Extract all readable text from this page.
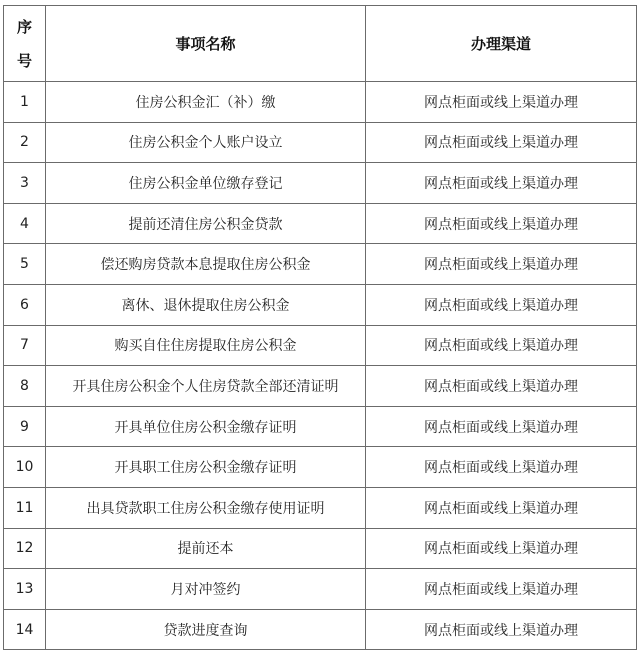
序
号	事项名称	办理渠道
1	住房公积金汇（补）缴	网点柜面或线上渠道办理
2	住房公积金个人账户设立	网点柜面或线上渠道办理
3	住房公积金单位缴存登记	网点柜面或线上渠道办理
4	提前还清住房公积金贷款	网点柜面或线上渠道办理
5	偿还购房贷款本息提取住房公积金	网点柜面或线上渠道办理
6	离休、退休提取住房公积金	网点柜面或线上渠道办理
7	购买自住住房提取住房公积金	网点柜面或线上渠道办理
8	开具住房公积金个人住房贷款全部还清证明	网点柜面或线上渠道办理
9	开具单位住房公积金缴存证明	网点柜面或线上渠道办理
10	开具职工住房公积金缴存证明	网点柜面或线上渠道办理
11	出具贷款职工住房公积金缴存使用证明	网点柜面或线上渠道办理
12	提前还本	网点柜面或线上渠道办理
13	月对冲签约	网点柜面或线上渠道办理
14	贷款进度查询	网点柜面或线上渠道办理
